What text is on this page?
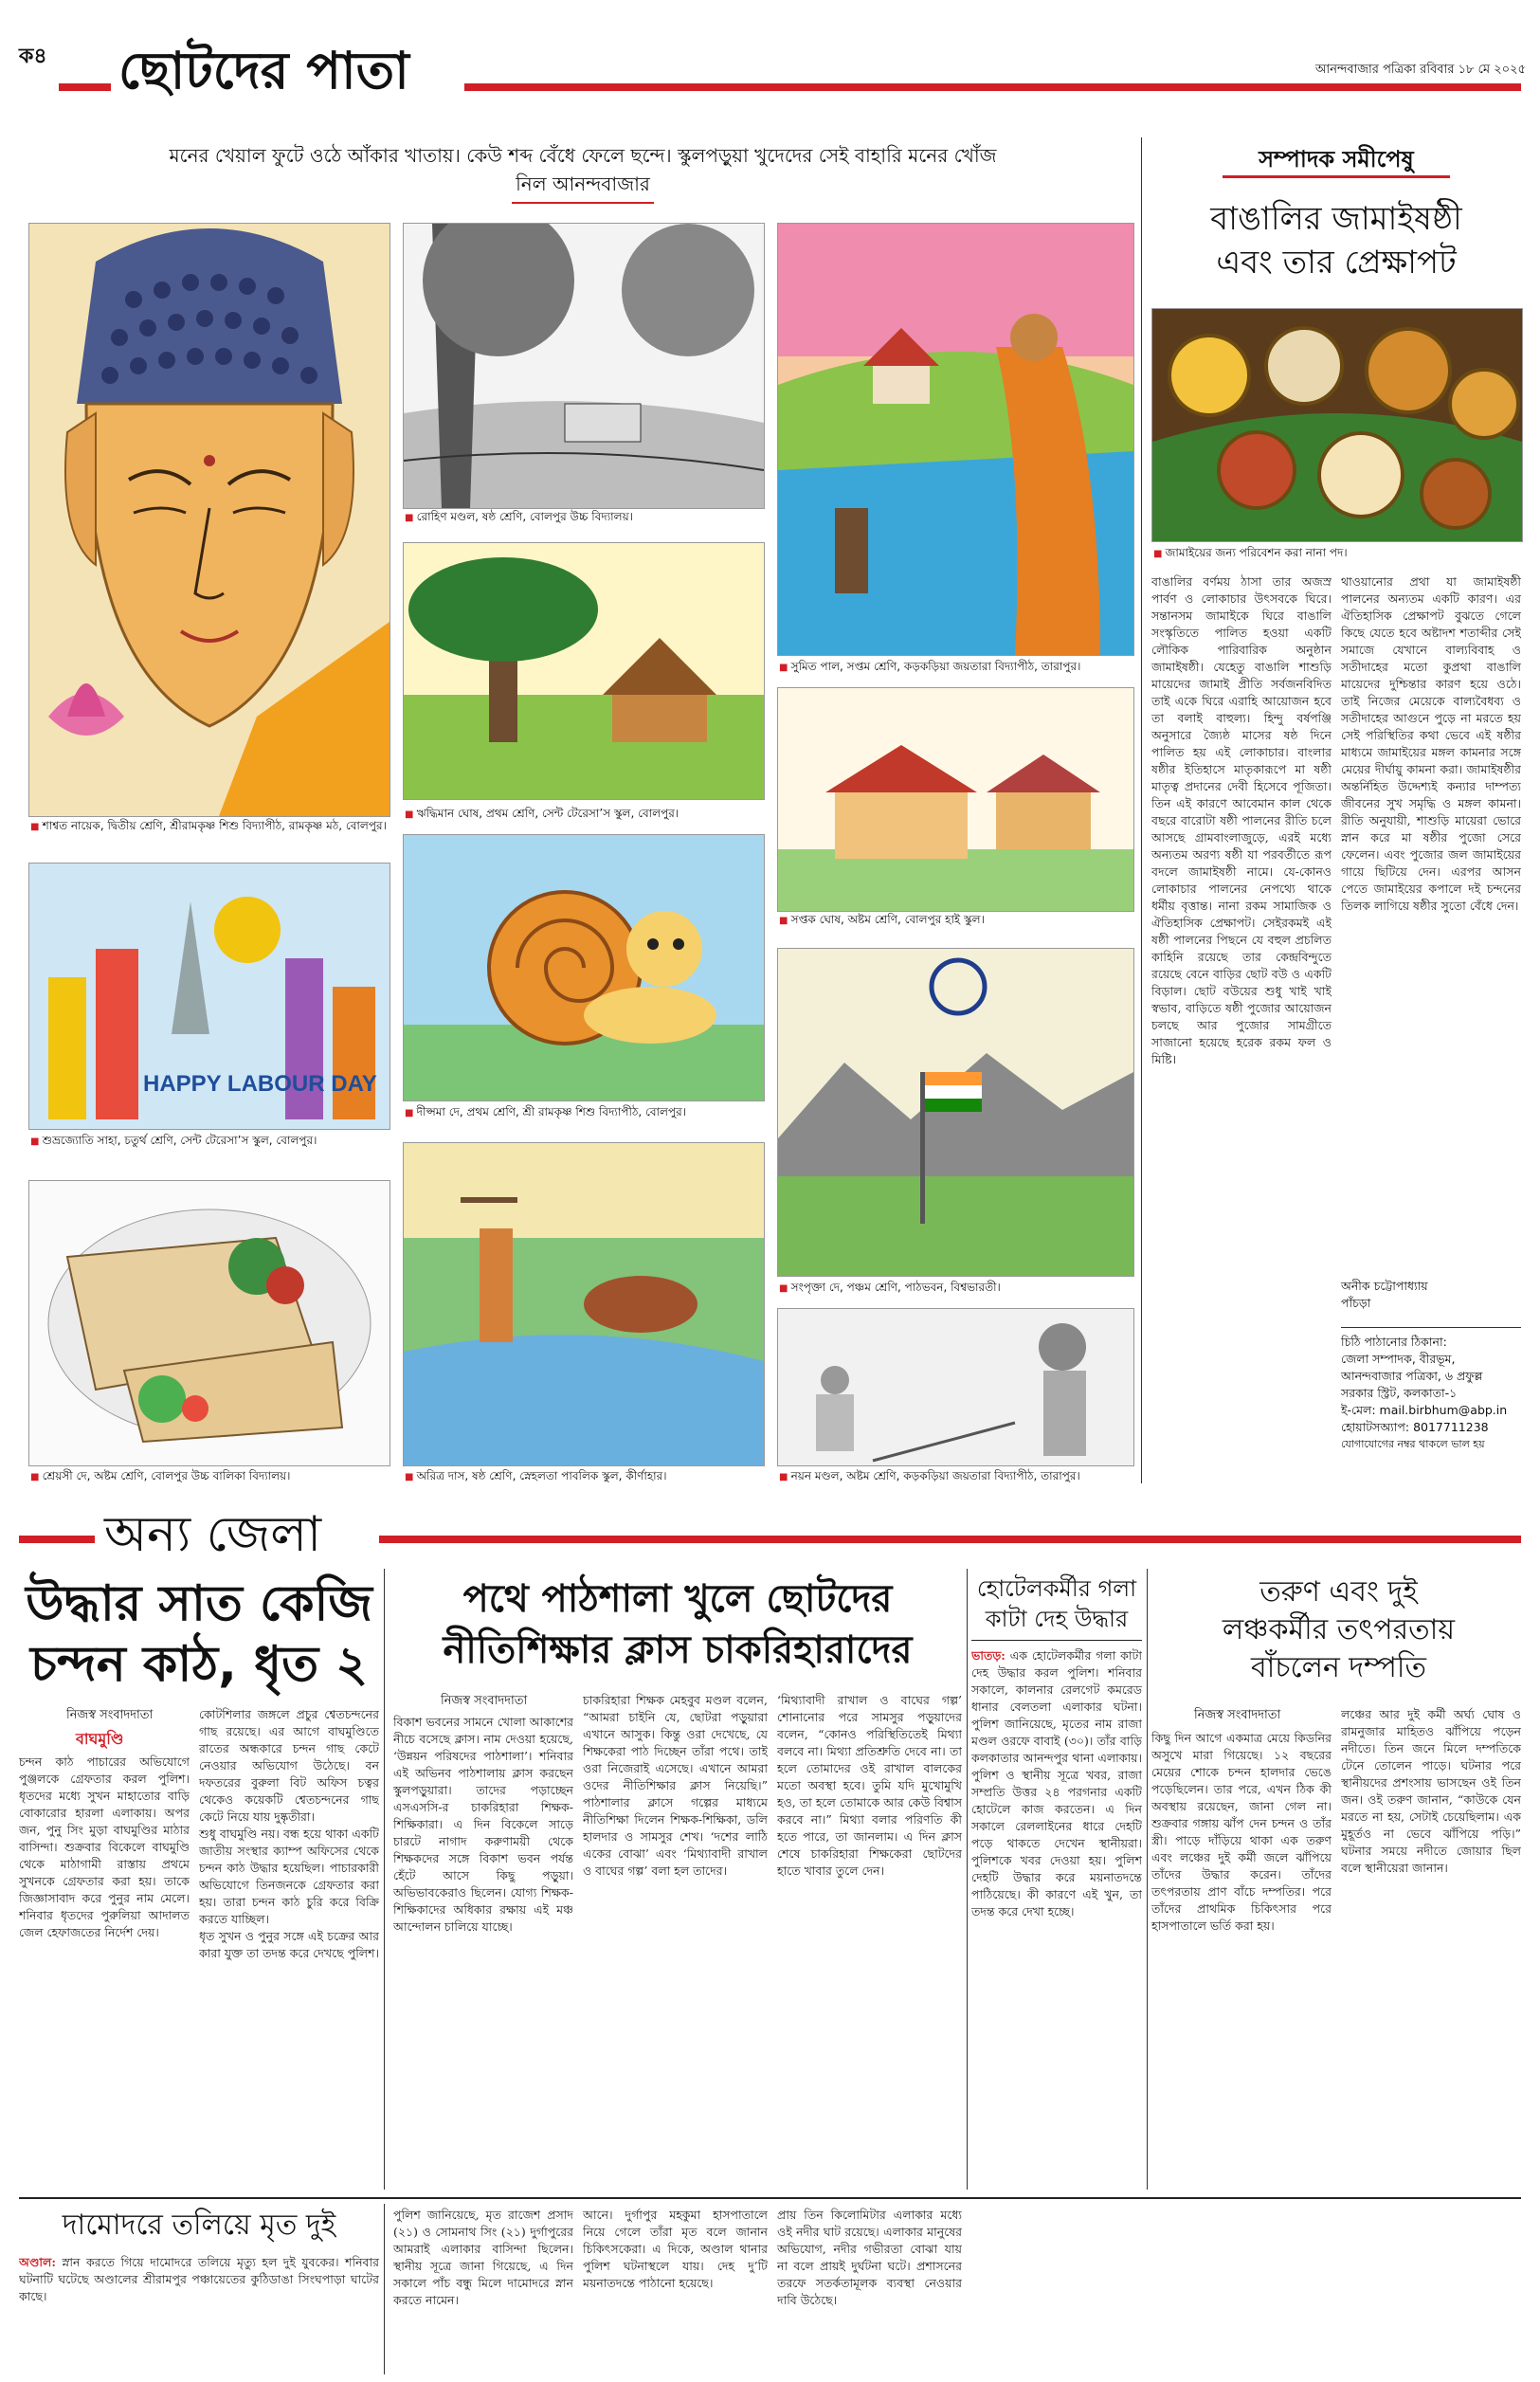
ক৪ ছোটদের পাতা	আনন্দবাজার পত্রিকা রবিবার ১৮ মে ২০২৫
মনের খেয়াল ফুটে ওঠে আঁকার খাতায়। কেউ শব্দ বেঁধে ফেলে ছন্দে। স্কুলপড়ুয়া খুদেদের সেই বাহারি মনের খোঁজ
নিল আনন্দবাজার
■ শাশ্বত নায়েক, দ্বিতীয় শ্রেণি, শ্রীরামকৃষ্ণ শিশু বিদ্যাপীঠ, রামকৃষ্ণ মঠ, বোলপুর।
HAPPY LABOUR DAY
■ শুভ্রজ্যোতি সাহা, চতুর্থ শ্রেণি, সেন্ট টেরেসা’স স্কুল, বোলপুর।
■ শ্রেয়সী দে, অষ্টম শ্রেণি, বোলপুর উচ্চ বালিকা বিদ্যালয়।
■ রোহিণ মণ্ডল, ষষ্ঠ শ্রেণি, বোলপুর উচ্চ বিদ্যালয়।
■ ঋদ্ধিমান ঘোষ, প্রথম শ্রেণি, সেন্ট টেরেসা’স স্কুল, বোলপুর।
■ দীপ্সমা দে, প্রথম শ্রেণি, শ্রী রামকৃষ্ণ শিশু বিদ্যাপীঠ, বোলপুর।
■ অরিত্র দাস, ষষ্ঠ শ্রেণি, স্নেহলতা পাবলিক স্কুল, কীর্ণাহার।
■ সুমিত পাল, সপ্তম শ্রেণি, কড়কড়িয়া জয়তারা বিদ্যাপীঠ, তারাপুর।
■ সপ্তক ঘোষ, অষ্টম শ্রেণি, বোলপুর হাই স্কুল।
■ সংপৃক্তা দে, পঞ্চম শ্রেণি, পাঠভবন, বিশ্বভারতী।
■ নয়ন মণ্ডল, অষ্টম শ্রেণি, কড়কড়িয়া জয়তারা বিদ্যাপীঠ, তারাপুর।
সম্পাদক সমীপেষু
বাঙালির জামাইষষ্ঠী
এবং তার প্রেক্ষাপট
■ জামাইয়ের জন্য পরিবেশন করা নানা পদ।
বাঙালির বর্ণময় ঠাসা তার অজস্র পার্বণ ও লোকাচার উৎসবকে ঘিরে। সন্তানসম জামাইকে ঘিরে বাঙালি সংস্কৃতিতে পালিত হওয়া একটি লৌকিক পারিবারিক অনুষ্ঠান জামাইষষ্ঠী। যেহেতু বাঙালি শাশুড়ি মায়েদের জামাই প্রীতি সর্বজনবিদিত তাই একে ঘিরে এরাহি আয়োজন হবে তা বলাই বাহুল্য। হিন্দু বর্ষপঞ্জি অনুসারে জ্যৈষ্ঠ মাসের ষষ্ঠ দিনে পালিত হয় এই লোকাচার। বাংলার ষষ্ঠীর ইতিহাসে মাতৃকারূপে মা ষষ্ঠী মাতৃত্ব প্রদানের দেবী হিসেবে পূজিতা। তিন এই কারণে আবেমান কাল থেকে বছরে বারোটা ষষ্ঠী পালনের রীতি চলে আসছে গ্রামবাংলাজুড়ে, এরই মধ্যে অন্যতম অরণ্য ষষ্ঠী যা পরবর্তীতে রূপ বদলে জামাইষষ্ঠী নামে। যে-কোনও লোকাচার পালনের নেপথ্যে থাকে ধর্মীয় বৃত্তান্ত। নানা রকম সামাজিক ও ঐতিহাসিক প্রেক্ষাপট। সেইরকমই এই ষষ্ঠী পালনের পিছনে যে বহুল প্রচলিত কাহিনি রয়েছে তার কেন্দ্রবিন্দুতে রয়েছে বেনে বাড়ির ছোট বউ ও একটি বিড়াল। ছোট বউয়ের শুধু খাই খাই স্বভাব, বাড়িতে ষষ্ঠী পুজোর আয়োজন চলছে আর পুজোর সামগ্রীতে সাজানো হয়েছে হরেক রকম ফল ও মিষ্টি।
থাওয়ানোর প্রথা যা জামাইষষ্ঠী পালনের অন্যতম একটি কারণ। এর ঐতিহাসিক প্রেক্ষাপট বুঝতে গেলে কিছে যেতে হবে অষ্টাদশ শতাব্দীর সেই সমাজে যেখানে বাল্যবিবাহ ও সতীদাহের মতো কুপ্রথা বাঙালি মায়েদের দুশ্চিন্তার কারণ হয়ে ওঠে। তাই নিজের মেয়েকে বাল্যবৈধব্য ও সতীদাহের আগুনে পুড়ে না মরতে হয় সেই পরিস্থিতির কথা ভেবে এই ষষ্ঠীর মাধ্যমে জামাইয়ের মঙ্গল কামনার সঙ্গে মেয়ের দীর্ঘায়ু কামনা করা। জামাইষষ্ঠীর অন্তর্নিহিত উদ্দেশ্যই কন্যার দাম্পত্য জীবনের সুখ সমৃদ্ধি ও মঙ্গল কামনা। রীতি অনুযায়ী, শাশুড়ি মায়েরা ভোরে স্নান করে মা ষষ্ঠীর পুজো সেরে ফেলেন। এবং পুজোর জল জামাইয়ের গায়ে ছিটিয়ে দেন। এরপর আসন পেতে জামাইয়ের কপালে দই চন্দনের তিলক লাগিয়ে ষষ্ঠীর সুতো বেঁধে দেন।
অনীক চট্টোপাধ্যায়
পাঁচড়া
চিঠি পাঠানোর ঠিকানা:
জেলা সম্পাদক, বীরভূম,
আনন্দবাজার পত্রিকা, ৬ প্রফুল্ল
সরকার স্ট্রিট, কলকাতা-১
ই-মেল: mail.birbhum@abp.in
হোয়াটসঅ্যাপ: 8017711238
যোগাযোগের নম্বর থাকলে ভাল হয়
অন্য জেলা
উদ্ধার সাত কেজি
চন্দন কাঠ, ধৃত ২
নিজস্ব সংবাদদাতা
বাঘমুণ্ডি
চন্দন কাঠ পাচারের অভিযোগে পুঞ্জলকে গ্রেফতার করল পুলিশ। ধৃতদের মধ্যে সুখন মাহাতোর বাড়ি বোকারোর হারলা এলাকায়। অপর জন, পুনু সিং মুড়া বাঘমুণ্ডির মাঠার বাসিন্দা। শুক্রবার বিকেলে বাঘমুণ্ডি থেকে মাঠাগামী রাস্তায় প্রথমে সুখনকে গ্রেফতার করা হয়। তাকে জিজ্ঞাসাবাদ করে পুনুর নাম মেলে। শনিবার ধৃতদের পুরুলিয়া আদালত জেল হেফাজতের নির্দেশ দেয়।

কোটশিলার জঙ্গলে প্রচুর শ্বেতচন্দনের গাছ রয়েছে। এর আগে বাঘমুণ্ডিতে রাতের অন্ধকারে চন্দন গাছ কেটে নেওয়ার অভিযোগ উঠেছে। বন দফতরের বুরুলা বিট অফিস চত্বর থেকেও কয়েকটি শ্বেতচন্দনের গাছ কেটে নিয়ে যায় দুষ্কৃতীরা।

শুধু বাঘমুণ্ডি নয়। বন্ধ হয়ে থাকা একটি জাতীয় সংস্থার ক্যাম্প অফিসের থেকে চন্দন কাঠ উদ্ধার হয়েছিল। পাচারকারী অভিযোগে তিনজনকে গ্রেফতার করা হয়। তারা চন্দন কাঠ চুরি করে বিক্রি করতে যাচ্ছিল।

ধৃত সুখন ও পুনুর সঙ্গে এই চক্রের আর কারা যুক্ত তা তদন্ত করে দেখছে পুলিশ।

পথে পাঠশালা খুলে ছোটদের
নীতিশিক্ষার ক্লাস চাকরিহারাদের
নিজস্ব সংবাদদাতা
বিকাশ ভবনের সামনে খোলা আকাশের নীচে বসেছে ক্লাস। নাম দেওয়া হয়েছে, ‘উন্নয়ন পরিষদের পাঠশালা’। শনিবার এই অভিনব পাঠশালায় ক্লাস করছেন স্কুলপড়ুয়ারা। তাদের পড়াচ্ছেন এসএসসি-র চাকরিহারা শিক্ষক-শিক্ষিকারা। এ দিন বিকেলে সাড়ে চারটে নাগাদ করুণাময়ী থেকে শিক্ষকদের সঙ্গে বিকাশ ভবন পর্যন্ত হেঁটে আসে কিছু পড়ুয়া। অভিভাবকেরাও ছিলেন। যোগ্য শিক্ষক-শিক্ষিকাদের অধিকার রক্ষায় এই মঞ্চ আন্দোলন চালিয়ে যাচ্ছে।
চাকরিহারা শিক্ষক মেহবুব মণ্ডল বলেন, “আমরা চাইনি যে, ছোটরা পড়ুয়ারা এখানে আসুক। কিন্তু ওরা দেখেছে, যে শিক্ষকেরা পাঠ দিচ্ছেন তাঁরা পথে। তাই ওরা নিজেরাই এসেছে। এখানে আমরা ওদের নীতিশিক্ষার ক্লাস নিয়েছি।” পাঠশালার ক্লাসে গল্পের মাধ্যমে নীতিশিক্ষা দিলেন শিক্ষক-শিক্ষিকা, ডলি হালদার ও সামসুর শেখ। ‘দশের লাঠি একের বোঝা’ এবং ‘মিথ্যাবাদী রাখাল ও বাঘের গল্প’ বলা হল তাদের।
‘মিথ্যাবাদী রাখাল ও বাঘের গল্প’ শোনানোর পরে সামসুর পড়ুয়াদের বলেন, “কোনও পরিস্থিতিতেই মিথ্যা বলবে না। মিথ্যা প্রতিশ্রুতি দেবে না। তা হলে তোমাদের ওই রাখাল বালকের মতো অবস্থা হবে। তুমি যদি মুখোমুখি হও, তা হলে তোমাকে আর কেউ বিশ্বাস করবে না।” মিথ্যা বলার পরিণতি কী হতে পারে, তা জানলাম। এ দিন ক্লাস শেষে চাকরিহারা শিক্ষকেরা ছোটদের হাতে খাবার তুলে দেন।
হোটেলকর্মীর গলা
কাটা দেহ উদ্ধার
ভাতড়: এক হোটেলকর্মীর গলা কাটা দেহ উদ্ধার করল পুলিশ। শনিবার সকালে, কালনার রেলগেট কমরেড ধানার বেলতলা এলাকার ঘটনা। পুলিশ জানিয়েছে, মৃতের নাম রাজা মণ্ডল ওরফে বাবাই (৩০)। তাঁর বাড়ি কলকাতার আনন্দপুর থানা এলাকায়। পুলিশ ও স্থানীয় সূত্রে খবর, রাজা সম্প্রতি উত্তর ২৪ পরগনার একটি হোটেলে কাজ করতেন। এ দিন সকালে রেললাইনের ধারে দেহটি পড়ে থাকতে দেখেন স্থানীয়রা। পুলিশকে খবর দেওয়া হয়। পুলিশ দেহটি উদ্ধার করে ময়নাতদন্তে পাঠিয়েছে। কী কারণে এই খুন, তা তদন্ত করে দেখা হচ্ছে।
তরুণ এবং দুই
লঞ্চকর্মীর তৎপরতায়
বাঁচলেন দম্পতি
নিজস্ব সংবাদদাতা
কিছু দিন আগে একমাত্র মেয়ে কিডনির অসুখে মারা গিয়েছে। ১২ বছরের মেয়ের শোকে চন্দন হালদার ভেঙে পড়েছিলেন। তার পরে, এখন ঠিক কী অবস্থায় রয়েছেন, জানা গেল না। শুক্রবার গঙ্গায় ঝাঁপ দেন চন্দন ও তাঁর স্ত্রী। পাড়ে দাঁড়িয়ে থাকা এক তরুণ এবং লঞ্চের দুই কর্মী জলে ঝাঁপিয়ে তাঁদের উদ্ধার করেন। তাঁদের তৎপরতায় প্রাণ বাঁচে দম্পতির। পরে তাঁদের প্রাথমিক চিকিৎসার পরে হাসপাতালে ভর্তি করা হয়।
লঞ্চের আর দুই কর্মী অর্ঘ্য ঘোষ ও রামনুজার মাহিতও ঝাঁপিয়ে পড়েন নদীতে। তিন জনে মিলে দম্পতিকে টেনে তোলেন পাড়ে। ঘটনার পরে স্থানীয়দের প্রশংসায় ভাসছেন ওই তিন জন। ওই তরুণ জানান, “কাউকে যেন মরতে না হয়, সেটাই চেয়েছিলাম। এক মুহূর্তও না ভেবে ঝাঁপিয়ে পড়ি।” ঘটনার সময়ে নদীতে জোয়ার ছিল বলে স্থানীয়েরা জানান।
দামোদরে তলিয়ে মৃত দুই
অণ্ডাল: স্নান করতে গিয়ে দামোদরে তলিয়ে মৃত্যু হল দুই যুবকের। শনিবার ঘটনাটি ঘটেছে অণ্ডালের শ্রীরামপুর পঞ্চায়েতের কুঠিডাঙা সিংঘপাড়া ঘাটের কাছে।
পুলিশ জানিয়েছে, মৃত রাজেশ প্রসাদ (২১) ও সোমনাথ সিং (২১) দুর্গাপুরের আমরাই এলাকার বাসিন্দা ছিলেন। স্থানীয় সূত্রে জানা গিয়েছে, এ দিন সকালে পাঁচ বন্ধু মিলে দামোদরে স্নান করতে নামেন।
আনে। দুর্গাপুর মহকুমা হাসপাতালে নিয়ে গেলে তাঁরা মৃত বলে জানান চিকিৎসকেরা। এ দিকে, অণ্ডাল থানার পুলিশ ঘটনাস্থলে যায়। দেহ দু’টি ময়নাতদন্তে পাঠানো হয়েছে।
প্রায় তিন কিলোমিটার এলাকার মধ্যে ওই নদীর ঘাট রয়েছে। এলাকার মানুষের অভিযোগ, নদীর গভীরতা বোঝা যায় না বলে প্রায়ই দুর্ঘটনা ঘটে। প্রশাসনের তরফে সতর্কতামূলক ব্যবস্থা নেওয়ার দাবি উঠেছে।
